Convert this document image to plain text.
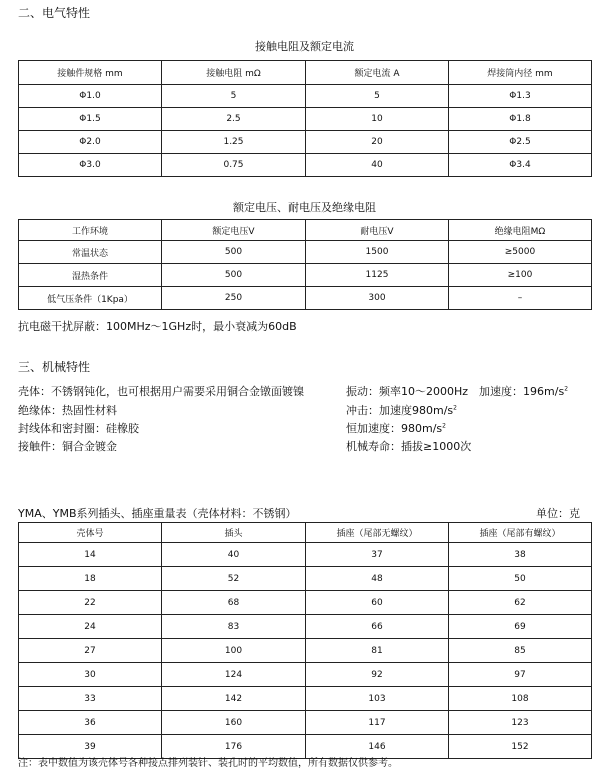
二、电气特性
接触电阻及额定电流
接触件规格 mm	接触电阻 mΩ	额定电流 A	焊接筒内径 mm
Φ1.0	5	5	Φ1.3
Φ1.5	2.5	10	Φ1.8
Φ2.0	1.25	20	Φ2.5
Φ3.0	0.75	40	Φ3.4
额定电压、耐电压及绝缘电阻
工作环境	额定电压V	耐电压V	绝缘电阻MΩ
常温状态	500	1500	≥5000
湿热条件	500	1125	≥100
低气压条件（1Kpa）	250	300	–
抗电磁干扰屏蔽：100MHz～1GHz时，最小衰减为60dB
三、机械特性
壳体：不锈钢钝化，也可根据用户需要采用铜合金镦面镀镍
绝缘体：热固性材料
封线体和密封圈：硅橡胶
接触件：铜合金镀金
振动：频率10～2000Hz　加速度：$196m/s^2$
冲击：加速度$980m/s^2$
恒加速度：$980m/s^2$
机械寿命：插拔≥1000次
YMA、YMB系列插头、插座重量表（壳体材料：不锈钢）	单位：克
壳体号	插头	插座（尾部无螺纹）	插座（尾部有螺纹）
14	40	37	38
18	52	48	50
22	68	60	62
24	83	66	69
27	100	81	85
30	124	92	97
33	142	103	108
36	160	117	123
39	176	146	152
注：表中数值为该壳体号各种接点排列装针、装孔时的平均数值，所有数据仅供参考。
